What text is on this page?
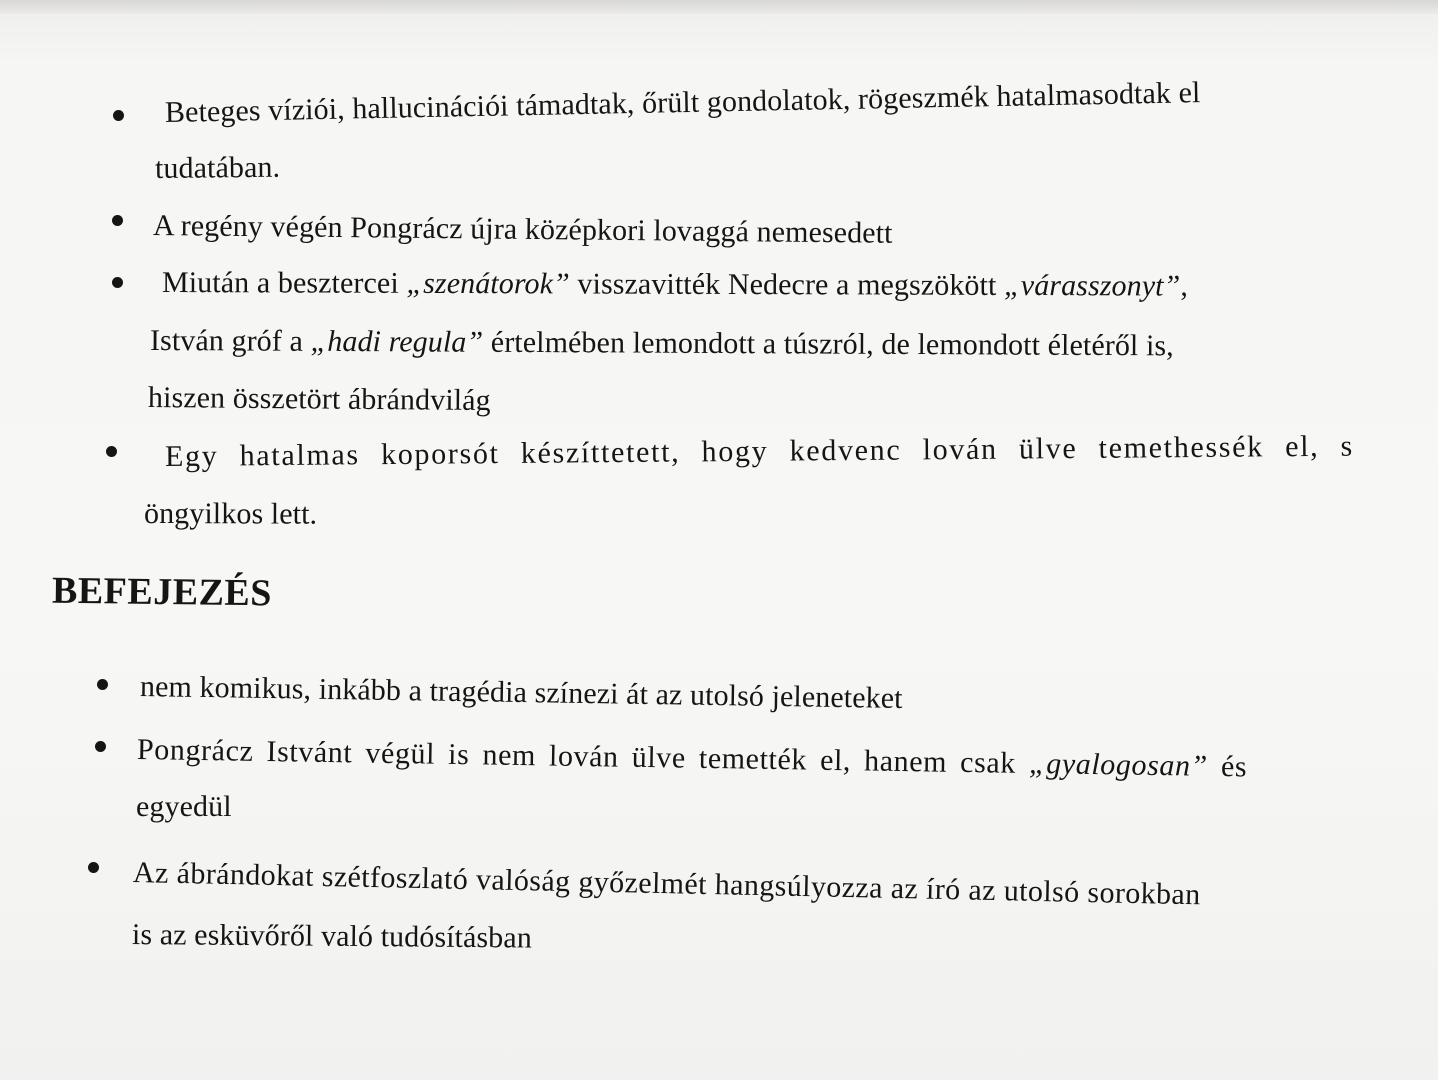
Beteges víziói, hallucinációi támadtak, őrült gondolatok, rögeszmék hatalmasodtak el
tudatában.
A regény végén Pongrácz újra középkori lovaggá nemesedett
Miután a besztercei „szenátorok” visszavitték Nedecre a megszökött „várasszonyt”,
István gróf a „hadi regula” értelmében lemondott a túszról, de lemondott életéről is,
hiszen összetört ábrándvilág
Egy hatalmas koporsót készíttetett, hogy kedvenc lován ülve temethessék el, s
öngyilkos lett.
BEFEJEZÉS
nem komikus, inkább a tragédia színezi át az utolsó jeleneteket
Pongrácz Istvánt végül is nem lován ülve temették el, hanem csak „gyalogosan” és
egyedül
Az ábrándokat szétfoszlató valóság győzelmét hangsúlyozza az író az utolsó sorokban
is az esküvőről való tudósításban
